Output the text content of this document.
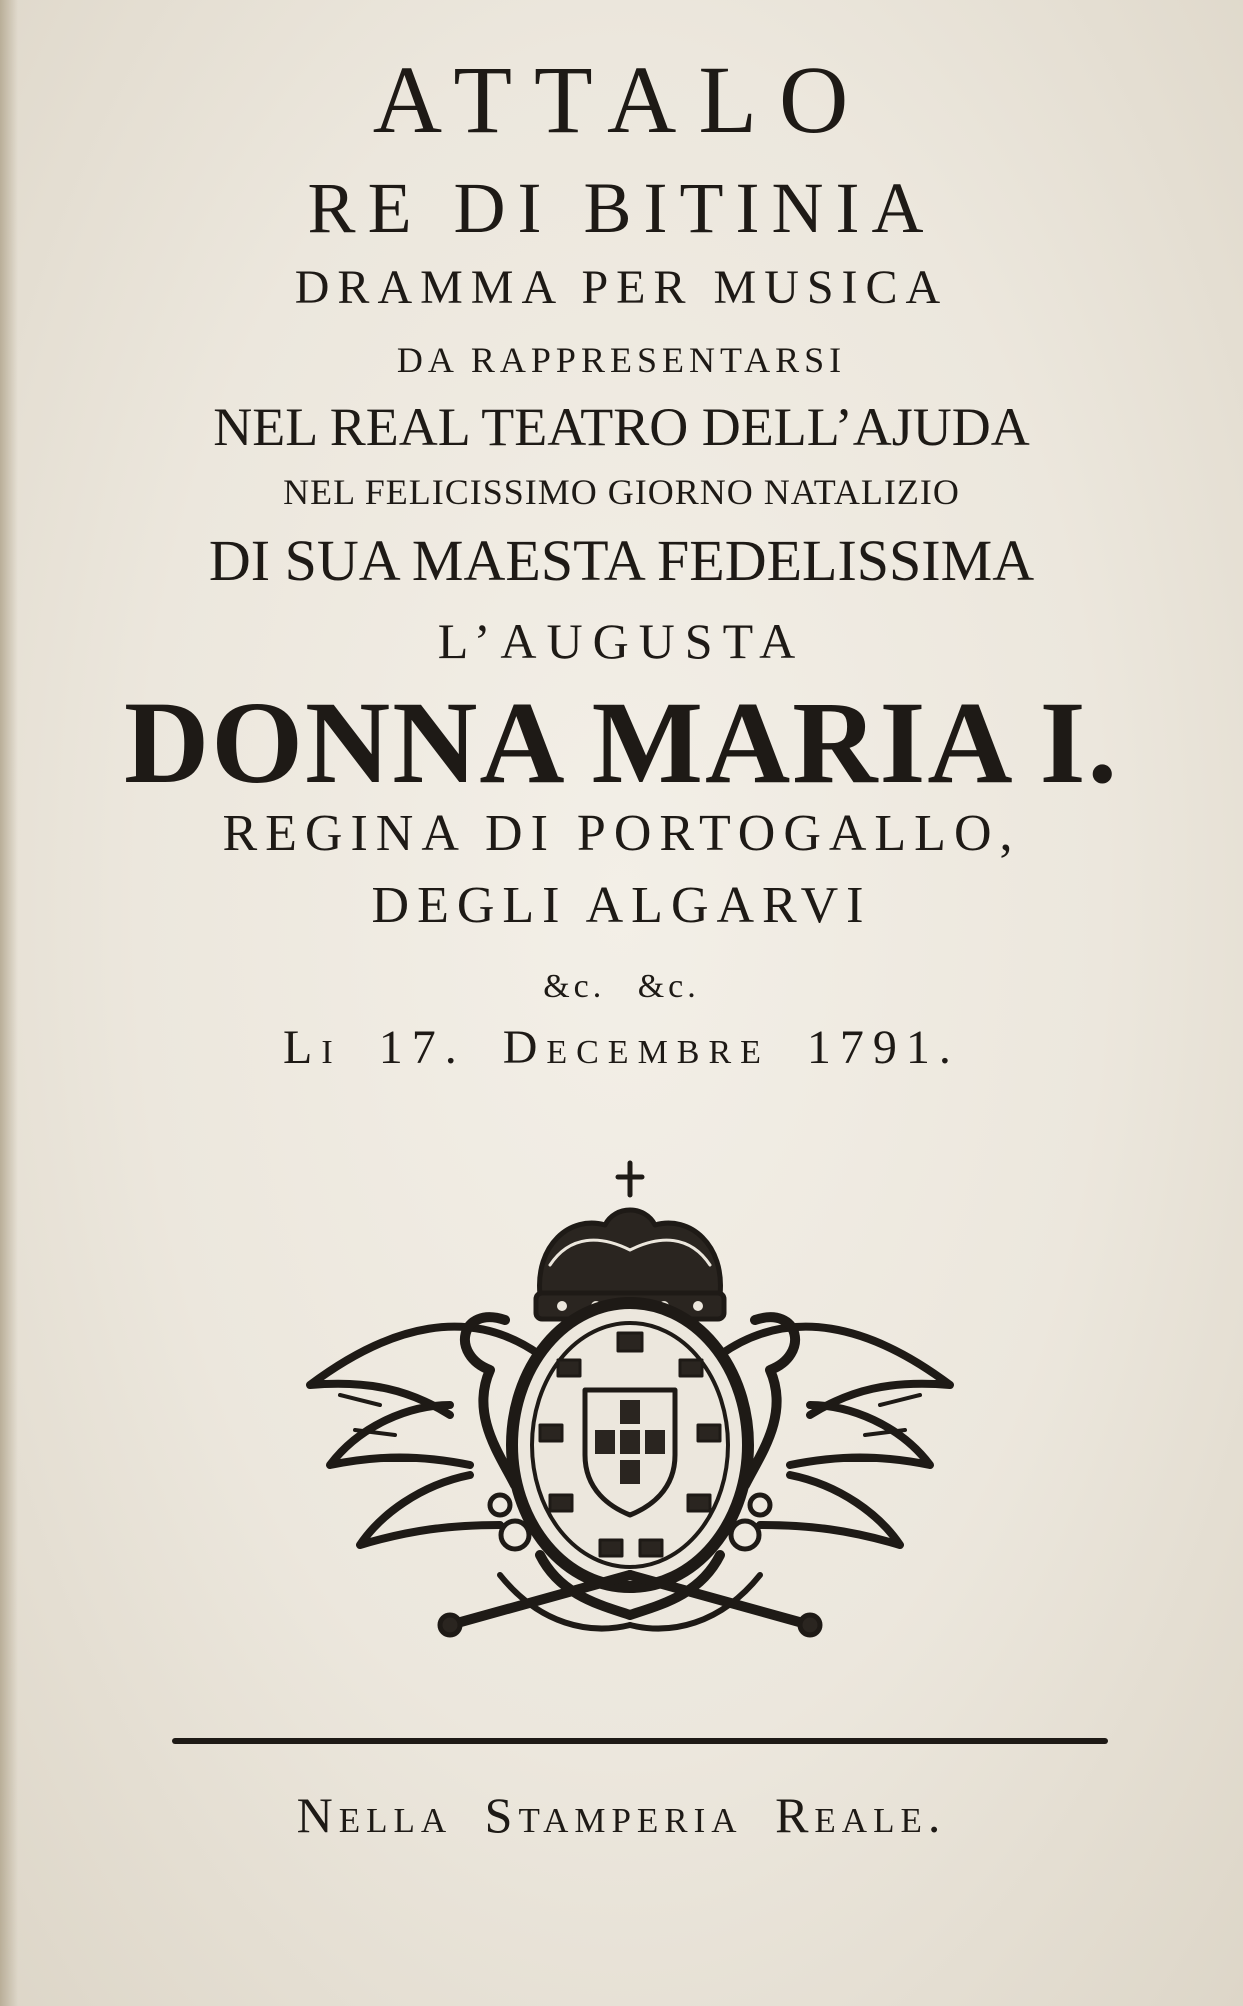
ATTALO
RE DI BITINIA
DRAMMA PER MUSICA
DA RAPPRESENTARSI
NEL REAL TEATRO DELL’AJUDA
NEL FELICISSIMO GIORNO NATALIZIO
DI SUA MAESTA FEDELISSIMA
L’AUGUSTA
DONNA MARIA I.
REGINA DI PORTOGALLO,
DEGLI ALGARVI
&c. &c.
Li 17. Decembre 1791.
Nella Stamperia Reale.
